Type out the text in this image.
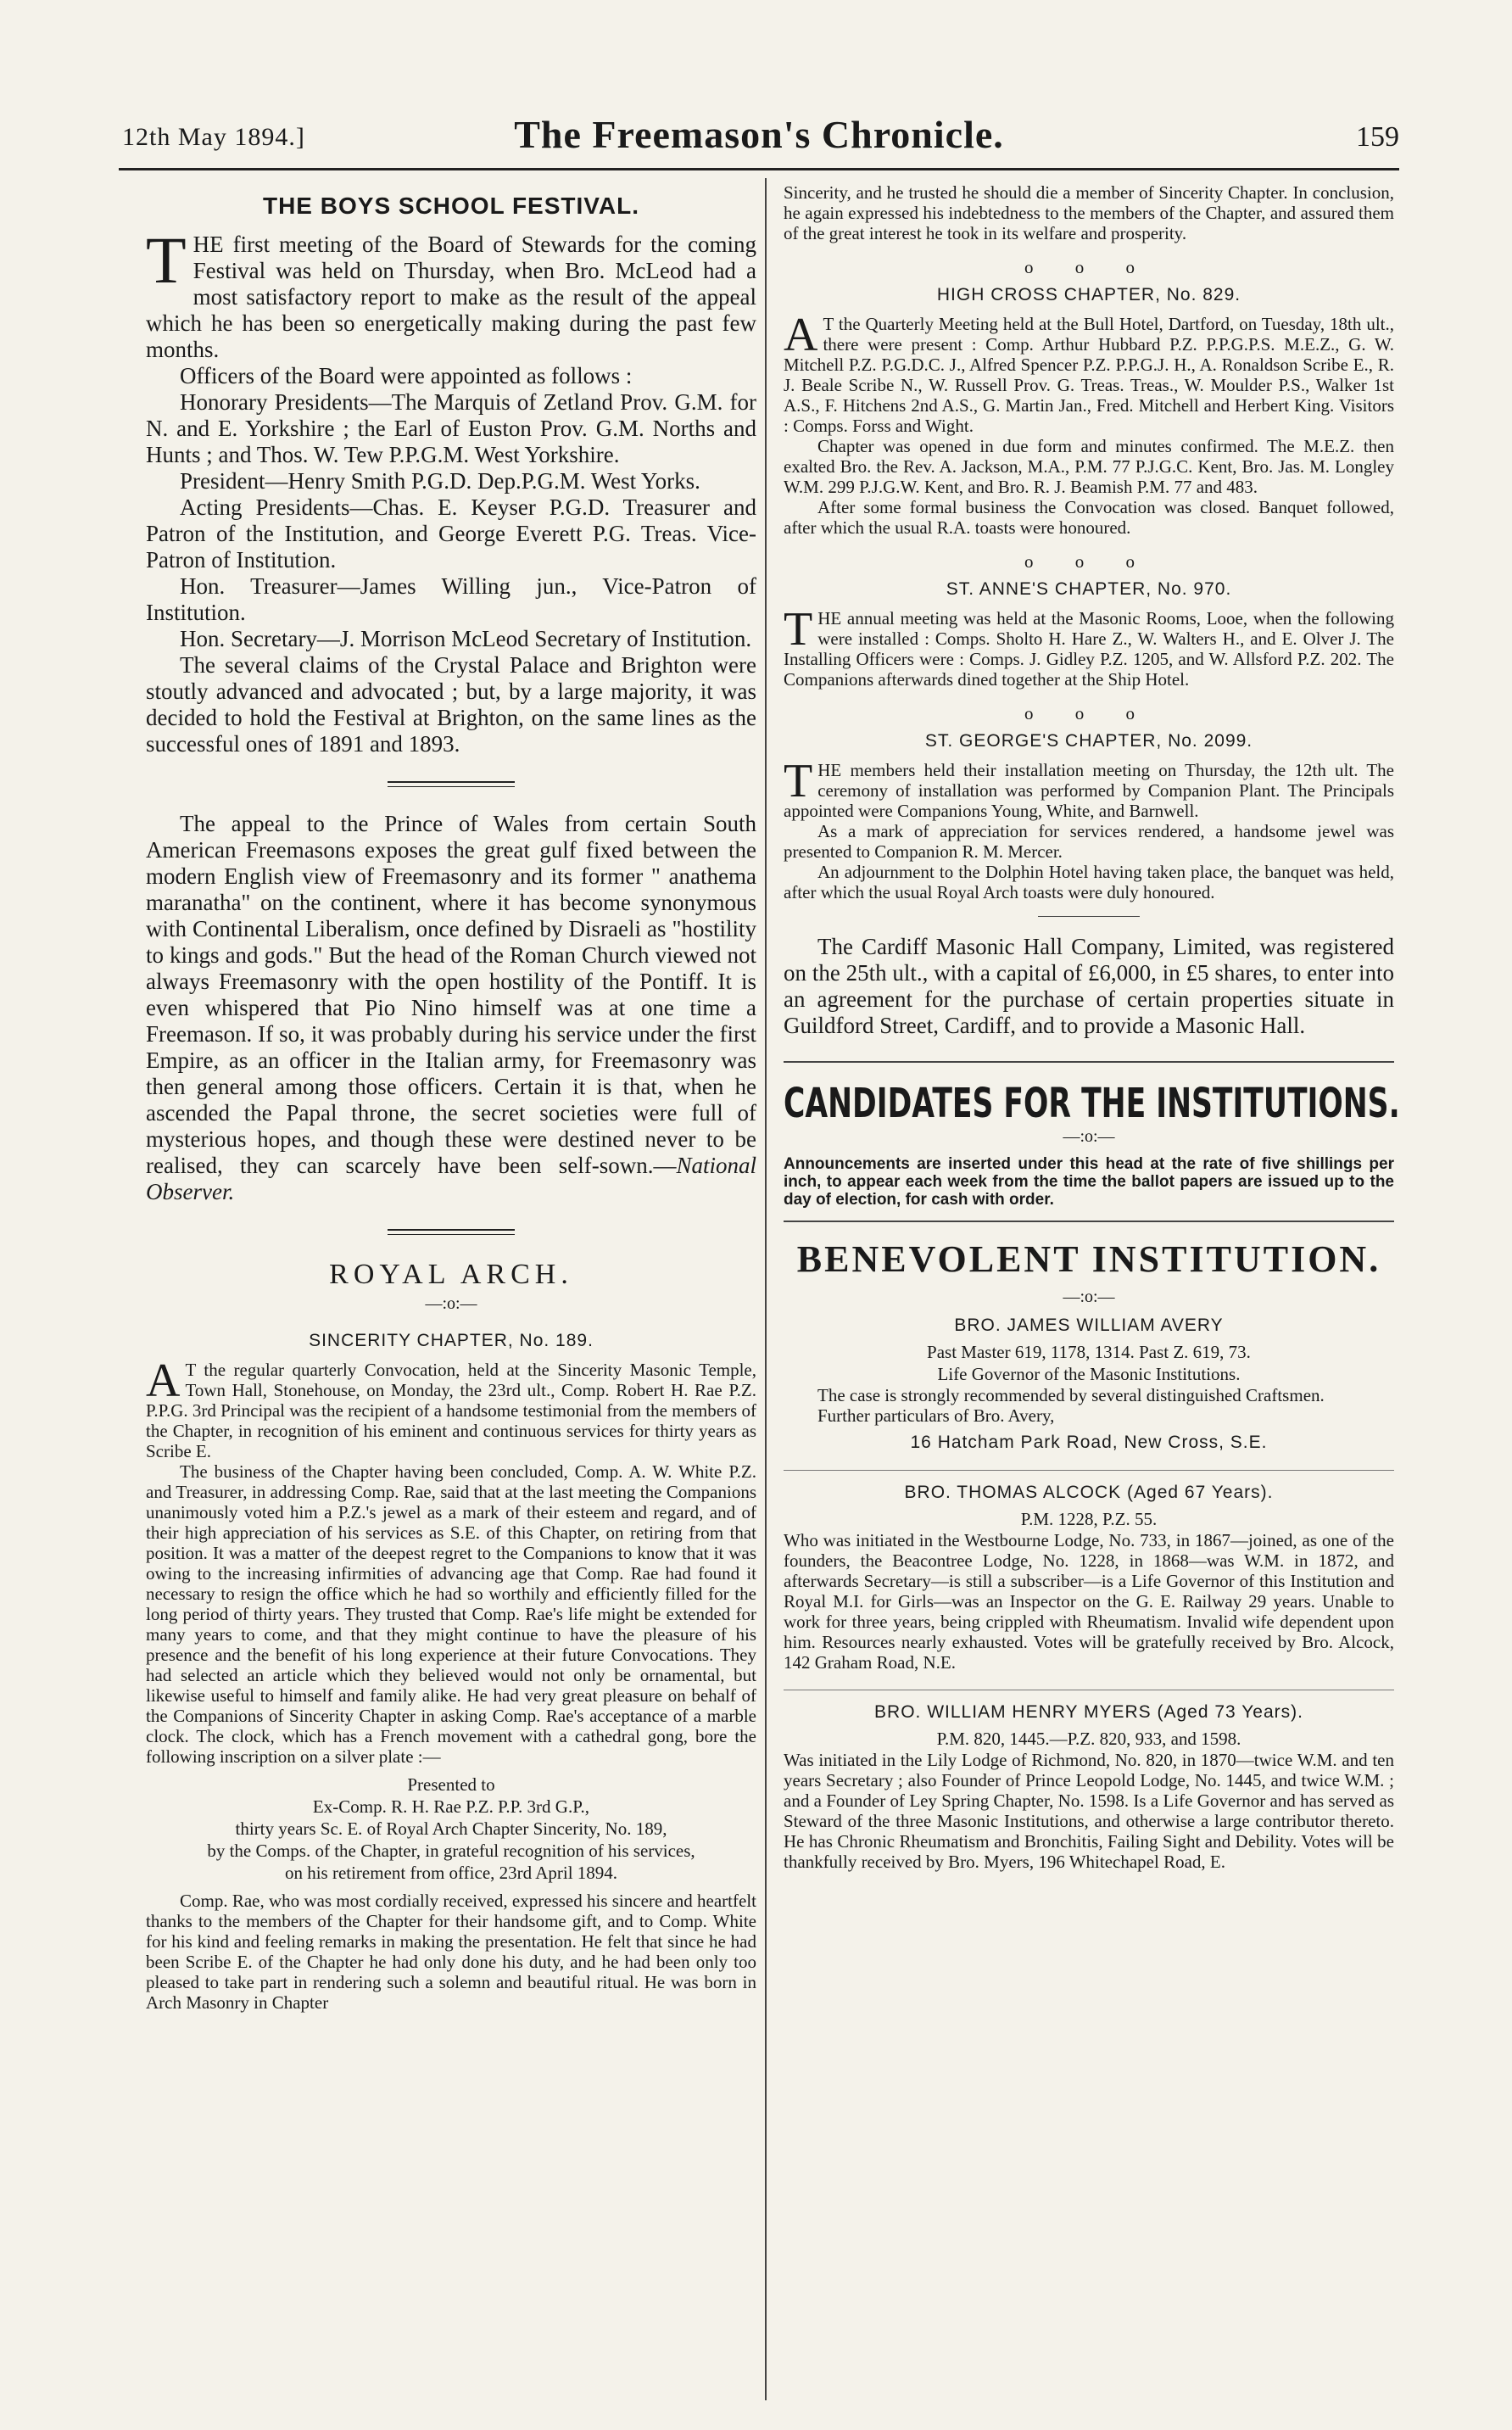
12th May 1894.]	The Freemason's Chronicle.	159
THE BOYS SCHOOL FESTIVAL.

THE first meeting of the Board of Stewards for the coming Festival was held on Thursday, when Bro. McLeod had a most satisfactory report to make as the result of the appeal which he has been so energetically making during the past few months.

Officers of the Board were appointed as follows :

Honorary Presidents—The Marquis of Zetland Prov. G.M. for N. and E. Yorkshire ; the Earl of Euston Prov. G.M. Norths and Hunts ; and Thos. W. Tew P.P.G.M. West Yorkshire.

President—Henry Smith P.G.D. Dep.P.G.M. West Yorks.

Acting Presidents—Chas. E. Keyser P.G.D. Treasurer and Patron of the Institution, and George Everett P.G. Treas. Vice-Patron of Institution.

Hon. Treasurer—James Willing jun., Vice-Patron of Institution.

Hon. Secretary—J. Morrison McLeod Secretary of Institution.

The several claims of the Crystal Palace and Brighton were stoutly advanced and advocated ; but, by a large majority, it was decided to hold the Festival at Brighton, on the same lines as the successful ones of 1891 and 1893.

The appeal to the Prince of Wales from certain South American Freemasons exposes the great gulf fixed between the modern English view of Freemasonry and its former " anathema maranatha" on the continent, where it has become synonymous with Continental Liberalism, once defined by Disraeli as "hostility to kings and gods." But the head of the Roman Church viewed not always Freemasonry with the open hostility of the Pontiff. It is even whispered that Pio Nino himself was at one time a Freemason. If so, it was probably during his service under the first Empire, as an officer in the Italian army, for Freemasonry was then general among those officers. Certain it is that, when he ascended the Papal throne, the secret societies were full of mysterious hopes, and though these were destined never to be realised, they can scarcely have been self-sown.—National Observer.

ROYAL ARCH.
—:o:—
SINCERITY CHAPTER, No. 189.

A T the regular quarterly Convocation, held at the Sincerity Masonic Temple, Town Hall, Stonehouse, on Monday, the 23rd ult., Comp. Robert H. Rae P.Z. P.P.G. 3rd Principal was the recipient of a handsome testimonial from the members of the Chapter, in recognition of his eminent and continuous services for thirty years as Scribe E.

The business of the Chapter having been concluded, Comp. A. W. White P.Z. and Treasurer, in addressing Comp. Rae, said that at the last meeting the Companions unanimously voted him a P.Z.'s jewel as a mark of their esteem and regard, and of their high appreciation of his services as S.E. of this Chapter, on retiring from that position. It was a matter of the deepest regret to the Companions to know that it was owing to the increasing infirmities of advancing age that Comp. Rae had found it necessary to resign the office which he had so worthily and efficiently filled for the long period of thirty years. They trusted that Comp. Rae's life might be extended for many years to come, and that they might continue to have the pleasure of his presence and the benefit of his long experience at their future Convocations. They had selected an article which they believed would not only be ornamental, but likewise useful to himself and family alike. He had very great pleasure on behalf of the Companions of Sincerity Chapter in asking Comp. Rae's acceptance of a marble clock. The clock, which has a French movement with a cathedral gong, bore the following inscription on a silver plate :—

Presented to
Ex-Comp. R. H. Rae P.Z. P.P. 3rd G.P.,
thirty years Sc. E. of Royal Arch Chapter Sincerity, No. 189,
by the Comps. of the Chapter, in grateful recognition of his services,
on his retirement from office, 23rd April 1894.

Comp. Rae, who was most cordially received, expressed his sincere and heartfelt thanks to the members of the Chapter for their handsome gift, and to Comp. White for his kind and feeling remarks in making the presentation. He felt that since he had been Scribe E. of the Chapter he had only done his duty, and he had been only too pleased to take part in rendering such a solemn and beautiful ritual. He was born in Arch Masonry in Chapter

Sincerity, and he trusted he should die a member of Sincerity Chapter. In conclusion, he again expressed his indebtedness to the members of the Chapter, and assured them of the great interest he took in its welfare and prosperity.

o o o
HIGH CROSS CHAPTER, No. 829.

A T the Quarterly Meeting held at the Bull Hotel, Dartford, on Tuesday, 18th ult., there were present : Comp. Arthur Hubbard P.Z. P.P.G.P.S. M.E.Z., G. W. Mitchell P.Z. P.G.D.C. J., Alfred Spencer P.Z. P.P.G.J. H., A. Ronaldson Scribe E., R. J. Beale Scribe N., W. Russell Prov. G. Treas. Treas., W. Moulder P.S., Walker 1st A.S., F. Hitchens 2nd A.S., G. Martin Jan., Fred. Mitchell and Herbert King. Visitors : Comps. Forss and Wight.

Chapter was opened in due form and minutes confirmed. The M.E.Z. then exalted Bro. the Rev. A. Jackson, M.A., P.M. 77 P.J.G.C. Kent, Bro. Jas. M. Longley W.M. 299 P.J.G.W. Kent, and Bro. R. J. Beamish P.M. 77 and 483.

After some formal business the Convocation was closed. Banquet followed, after which the usual R.A. toasts were honoured.

o o o
ST. ANNE'S CHAPTER, No. 970.

THE annual meeting was held at the Masonic Rooms, Looe, when the following were installed : Comps. Sholto H. Hare Z., W. Walters H., and E. Olver J. The Installing Officers were : Comps. J. Gidley P.Z. 1205, and W. Allsford P.Z. 202. The Companions afterwards dined together at the Ship Hotel.

o o o
ST. GEORGE'S CHAPTER, No. 2099.

THE members held their installation meeting on Thursday, the 12th ult. The ceremony of installation was performed by Companion Plant. The Principals appointed were Companions Young, White, and Barnwell.

As a mark of appreciation for services rendered, a handsome jewel was presented to Companion R. M. Mercer.

An adjournment to the Dolphin Hotel having taken place, the banquet was held, after which the usual Royal Arch toasts were duly honoured.

The Cardiff Masonic Hall Company, Limited, was registered on the 25th ult., with a capital of £6,000, in £5 shares, to enter into an agreement for the purchase of certain properties situate in Guildford Street, Cardiff, and to provide a Masonic Hall.

CANDIDATES FOR THE INSTITUTIONS.
—:o:—

Announcements are inserted under this head at the rate of five shillings per inch, to appear each week from the time the ballot papers are issued up to the day of election, for cash with order.

BENEVOLENT INSTITUTION.
—:o:—
BRO. JAMES WILLIAM AVERY
Past Master 619, 1178, 1314. Past Z. 619, 73.
Life Governor of the Masonic Institutions.

The case is strongly recommended by several distinguished Craftsmen.

Further particulars of Bro. Avery,

16 Hatcham Park Road, New Cross, S.E.
BRO. THOMAS ALCOCK (Aged 67 Years).
P.M. 1228, P.Z. 55.

Who was initiated in the Westbourne Lodge, No. 733, in 1867—joined, as one of the founders, the Beacontree Lodge, No. 1228, in 1868—was W.M. in 1872, and afterwards Secretary—is still a subscriber—is a Life Governor of this Institution and Royal M.I. for Girls—was an Inspector on the G. E. Railway 29 years. Unable to work for three years, being crippled with Rheumatism. Invalid wife dependent upon him. Resources nearly exhausted. Votes will be gratefully received by Bro. Alcock, 142 Graham Road, N.E.

BRO. WILLIAM HENRY MYERS (Aged 73 Years).
P.M. 820, 1445.—P.Z. 820, 933, and 1598.

Was initiated in the Lily Lodge of Richmond, No. 820, in 1870—twice W.M. and ten years Secretary ; also Founder of Prince Leopold Lodge, No. 1445, and twice W.M. ; and a Founder of Ley Spring Chapter, No. 1598. Is a Life Governor and has served as Steward of the three Masonic Institutions, and otherwise a large contributor thereto. He has Chronic Rheumatism and Bronchitis, Failing Sight and Debility. Votes will be thankfully received by Bro. Myers, 196 Whitechapel Road, E.
